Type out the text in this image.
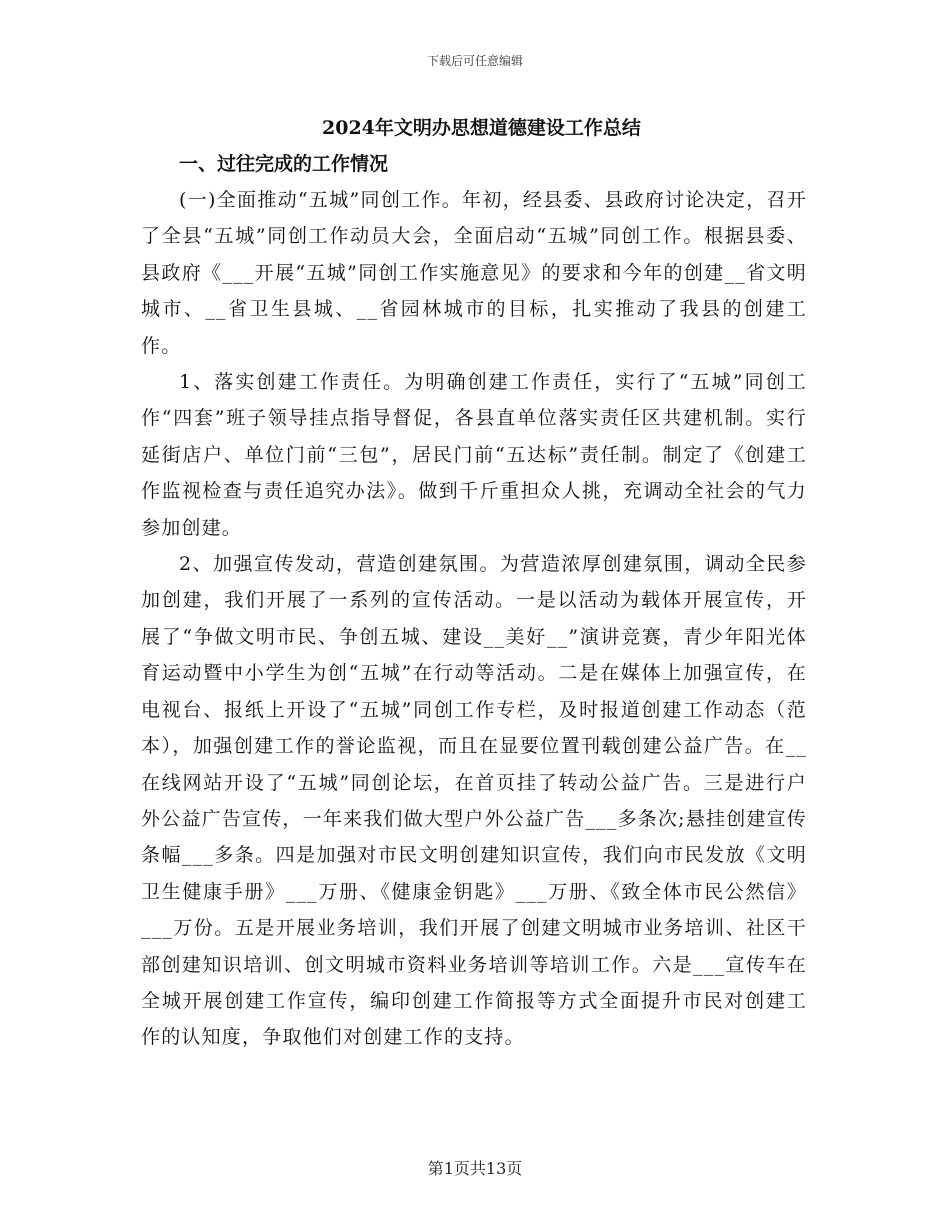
下载后可任意编辑
2024年文明办思想道德建设工作总结
一、过往完成的工作情况

(一)全面推动“五城”同创工作。年初，经县委、县政府讨论决定，召开了全县“五城”同创工作动员大会，全面启动“五城”同创工作。根据县委、县政府《___开展“五城”同创工作实施意见》的要求和今年的创建__省文明城市、__省卫生县城、__省园林城市的目标，扎实推动了我县的创建工作。

1、落实创建工作责任。为明确创建工作责任，实行了“五城”同创工作“四套”班子领导挂点指导督促，各县直单位落实责任区共建机制。实行延街店户、单位门前“三包”，居民门前“五达标”责任制。制定了《创建工作监视检查与责任追究办法》。做到千斤重担众人挑，充调动全社会的气力参加创建。

2、加强宣传发动，营造创建氛围。为营造浓厚创建氛围，调动全民参加创建，我们开展了一系列的宣传活动。一是以活动为载体开展宣传，开展了“争做文明市民、争创五城、建设__美好__”演讲竞赛，青少年阳光体育运动暨中小学生为创“五城”在行动等活动。二是在媒体上加强宣传，在电视台、报纸上开设了“五城”同创工作专栏，及时报道创建工作动态（范本），加强创建工作的誉论监视，而且在显要位置刊载创建公益广告。在__在线网站开设了“五城”同创论坛，在首页挂了转动公益广告。三是进行户外公益广告宣传，一年来我们做大型户外公益广告___多条次;悬挂创建宣传条幅___多条。四是加强对市民文明创建知识宣传，我们向市民发放《文明卫生健康手册》___万册、《健康金钥匙》___万册、《致全体市民公然信》___万份。五是开展业务培训，我们开展了创建文明城市业务培训、社区干部创建知识培训、创文明城市资料业务培训等培训工作。六是___宣传车在全城开展创建工作宣传，编印创建工作简报等方式全面提升市民对创建工作的认知度，争取他们对创建工作的支持。

第1页共13页
